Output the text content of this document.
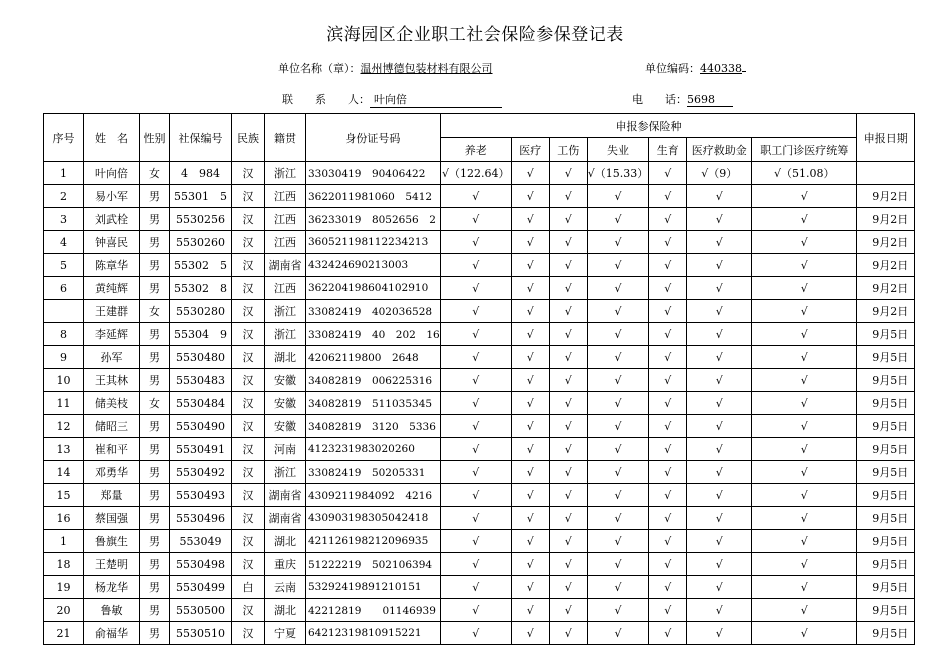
滨海园区企业职工社会保险参保登记表
单位名称（章）：温州博德包装材料有限公司	单位编码：440338
联　　系　　人： 叶向倍	电　　话：5698
序号	姓　名	性别	社保编号	民族	籍贯	身份证号码	申报参保险种							申报日期
							养老	医疗	工伤	失业	生育	医疗救助金	职工门诊医疗统筹	
1	叶向倍	女	4　984	汉	浙江	33030419　90406422	√（122.64）	√	√	√（15.33）	√	√（9）	√（51.08）	
2	易小军	男	55301　5	汉	江西	3622011981060　5412	√	√	√	√	√	√	√	9月2日
3	刘武栓	男	5530256	汉	江西	36233019　8052656　2	√	√	√	√	√	√	√	9月2日
4	钟喜民	男	5530260	汉	江西	360521198112234213	√	√	√	√	√	√	√	9月2日
5	陈章华	男	55302　5	汉	湖南省	432424690213003	√	√	√	√	√	√	√	9月2日
6	黄纯辉	男	55302　8	汉	江西	362204198604102910	√	√	√	√	√	√	√	9月2日
	王建群	女	5530280	汉	浙江	33082419　402036528	√	√	√	√	√	√	√	9月2日
8	李延辉	男	55304　9	汉	浙江	33082419　40　202　16	√	√	√	√	√	√	√	9月5日
9	孙军	男	5530480	汉	湖北	42062119800　2648	√	√	√	√	√	√	√	9月5日
10	王其林	男	5530483	汉	安徽	34082819　006225316	√	√	√	√	√	√	√	9月5日
11	储美枝	女	5530484	汉	安徽	34082819　511035345	√	√	√	√	√	√	√	9月5日
12	储昭三	男	5530490	汉	安徽	34082819　3120　5336	√	√	√	√	√	√	√	9月5日
13	崔和平	男	5530491	汉	河南	412323198302026​0	√	√	√	√	√	√	√	9月5日
14	邓勇华	男	5530492	汉	浙江	33082419　50205331	√	√	√	√	√	√	√	9月5日
15	郑量	男	5530493	汉	湖南省	4309211984092　4216	√	√	√	√	√	√	√	9月5日
16	蔡国强	男	5530496	汉	湖南省	430903198305042418	√	√	√	√	√	√	√	9月5日
1	鲁旗生	男	553049	汉	湖北	421126198212096935	√	√	√	√	√	√	√	9月5日
18	王楚明	男	5530498	汉	重庆	51222219　502106394	√	√	√	√	√	√	√	9月5日
19	杨龙华	男	5530499	白	云南	53292419891210151	√	√	√	√	√	√	√	9月5日
20	鲁敏	男	5530500	汉	湖北	42212819　　01146939	√	√	√	√	√	√	√	9月5日
21	俞福华	男	5530510	汉	宁夏	642123198109152​21	√	√	√	√	√	√	√	9月5日
